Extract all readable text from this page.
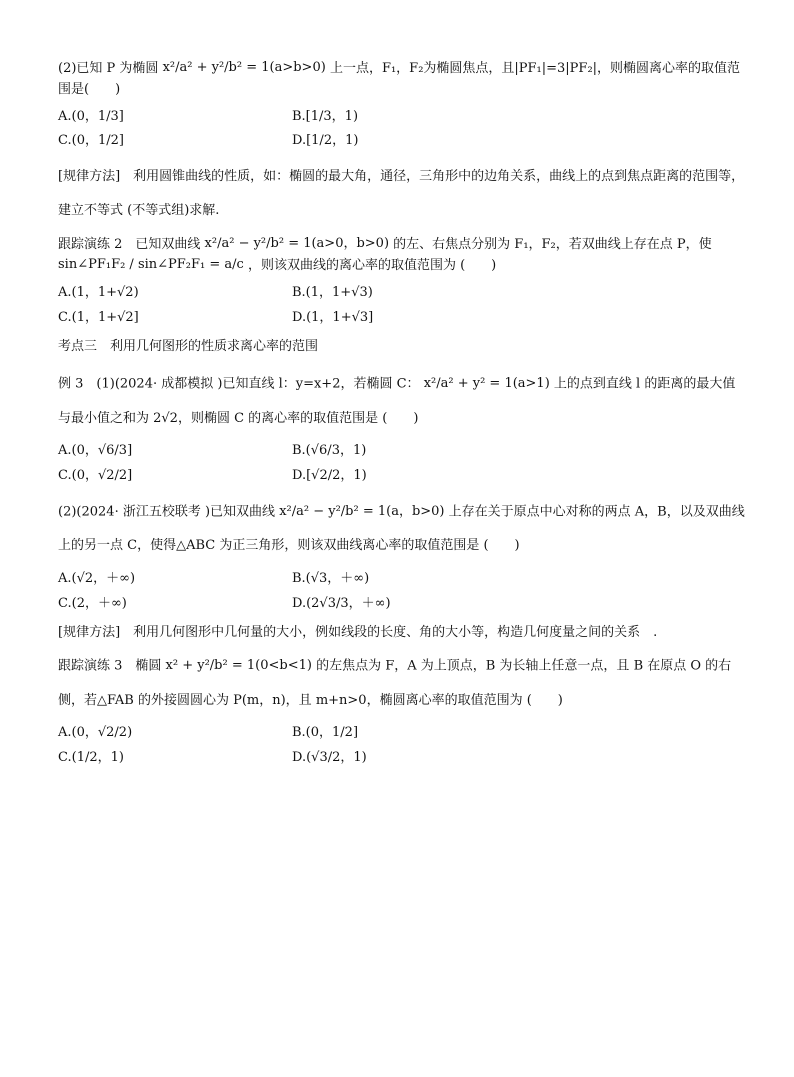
(2)已知 P 为椭圆 x²/a² + y²/b² = 1(a>b>0) 上一点，F₁，F₂为椭圆焦点，且|PF₁|=3|PF₂|，则椭圆离心率的取值范围是(　　)
A.(0，1/3]	B.[1/3，1)
C.(0，1/2]	D.[1/2，1)
[规律方法]　利用圆锥曲线的性质，如：椭圆的最大角，通径，三角形中的边角关系，曲线上的点到焦点距离的范围等，建立不等式 (不等式组)求解.
跟踪演练 2　已知双曲线 x²/a² − y²/b² = 1(a>0，b>0) 的左、右焦点分别为 F₁，F₂，若双曲线上存在点 P，使 sin∠PF₁F₂ / sin∠PF₂F₁ = a/c ，则该双曲线的离心率的取值范围为 (　　)
A.(1，1+√2)	B.(1，1+√3)
C.(1，1+√2]	D.(1，1+√3]
考点三　利用几何图形的性质求离心率的范围
例 3　(1)(2024· 成都模拟 )已知直线 l：y=x+2，若椭圆 C： x²/a² + y² = 1(a>1) 上的点到直线 l 的距离的最大值与最小值之和为 2√2，则椭圆 C 的离心率的取值范围是 (　　)
A.(0，√6/3]	B.(√6/3，1)
C.(0，√2/2]	D.[√2/2，1)
(2)(2024· 浙江五校联考 )已知双曲线 x²/a² − y²/b² = 1(a，b>0) 上存在关于原点中心对称的两点 A，B，以及双曲线上的另一点 C，使得△ABC 为正三角形，则该双曲线离心率的取值范围是 (　　)
A.(√2，＋∞)	B.(√3，＋∞)
C.(2，＋∞)	D.(2√3/3，＋∞)
[规律方法]　利用几何图形中几何量的大小，例如线段的长度、角的大小等，构造几何度量之间的关系　.
跟踪演练 3　椭圆 x² + y²/b² = 1(0<b<1) 的左焦点为 F，A 为上顶点，B 为长轴上任意一点，且 B 在原点 O 的右侧，若△FAB 的外接圆圆心为 P(m，n)，且 m+n>0，椭圆离心率的取值范围为 (　　)
A.(0，√2/2)	B.(0，1/2]
C.(1/2，1)	D.(√3/2，1)
